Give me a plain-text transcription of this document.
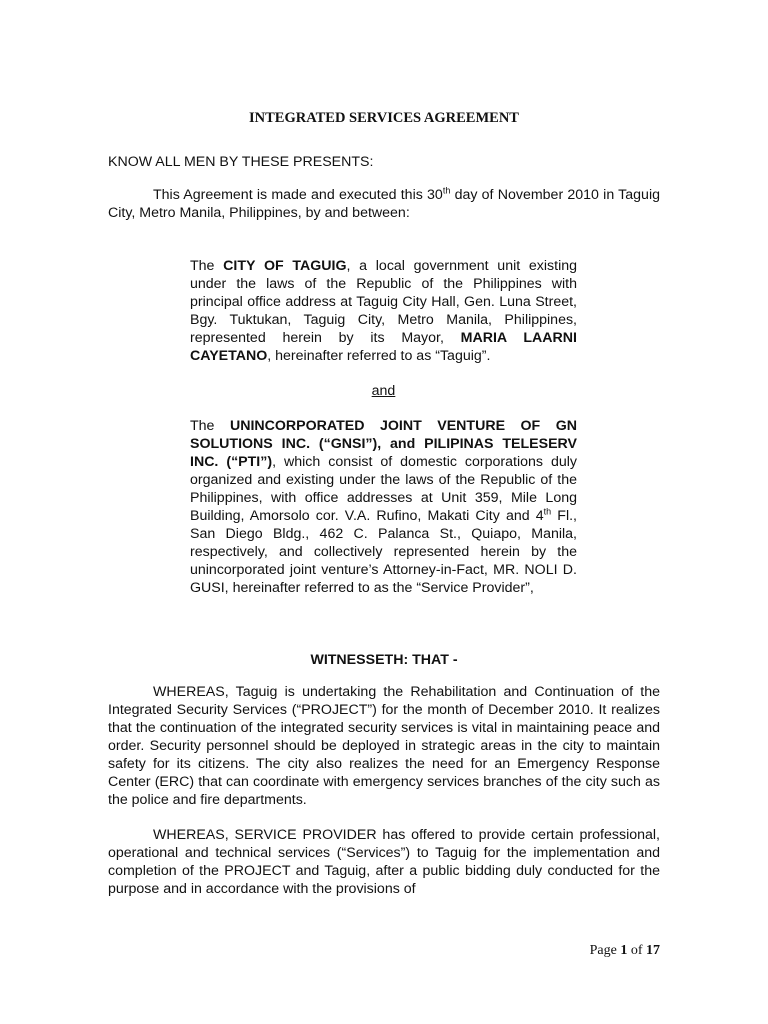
INTEGRATED SERVICES AGREEMENT

KNOW ALL MEN BY THESE PRESENTS:

This Agreement is made and executed this 30th day of November 2010 in Taguig City, Metro Manila, Philippines, by and between:

The CITY OF TAGUIG, a local government unit existing under the laws of the Republic of the Philippines with principal office address at Taguig City Hall, Gen. Luna Street, Bgy. Tuktukan, Taguig City, Metro Manila, Philippines, represented herein by its Mayor, MARIA LAARNI CAYETANO, hereinafter referred to as “Taguig”.

and

The UNINCORPORATED JOINT VENTURE OF GN SOLUTIONS INC. (“GNSI”), and PILIPINAS TELESERV INC. (“PTI”), which consist of domestic corporations duly organized and existing under the laws of the Republic of the Philippines, with office addresses at Unit 359, Mile Long Building, Amorsolo cor. V.A. Rufino, Makati City and 4th Fl., San Diego Bldg., 462 C. Palanca St., Quiapo, Manila, respectively, and collectively represented herein by the unincorporated joint venture’s Attorney-in-Fact, MR. NOLI D. GUSI, hereinafter referred to as the “Service Provider”,

WITNESSETH: THAT -

WHEREAS, Taguig is undertaking the Rehabilitation and Continuation of the Integrated Security Services (“PROJECT”) for the month of December 2010. It realizes that the continuation of the integrated security services is vital in maintaining peace and order. Security personnel should be deployed in strategic areas in the city to maintain safety for its citizens. The city also realizes the need for an Emergency Response Center (ERC) that can coordinate with emergency services branches of the city such as the police and fire departments.

WHEREAS, SERVICE PROVIDER has offered to provide certain professional, operational and technical services (“Services”) to Taguig for the implementation and completion of the PROJECT and Taguig, after a public bidding duly conducted for the purpose and in accordance with the provisions of

Page 1 of 17
